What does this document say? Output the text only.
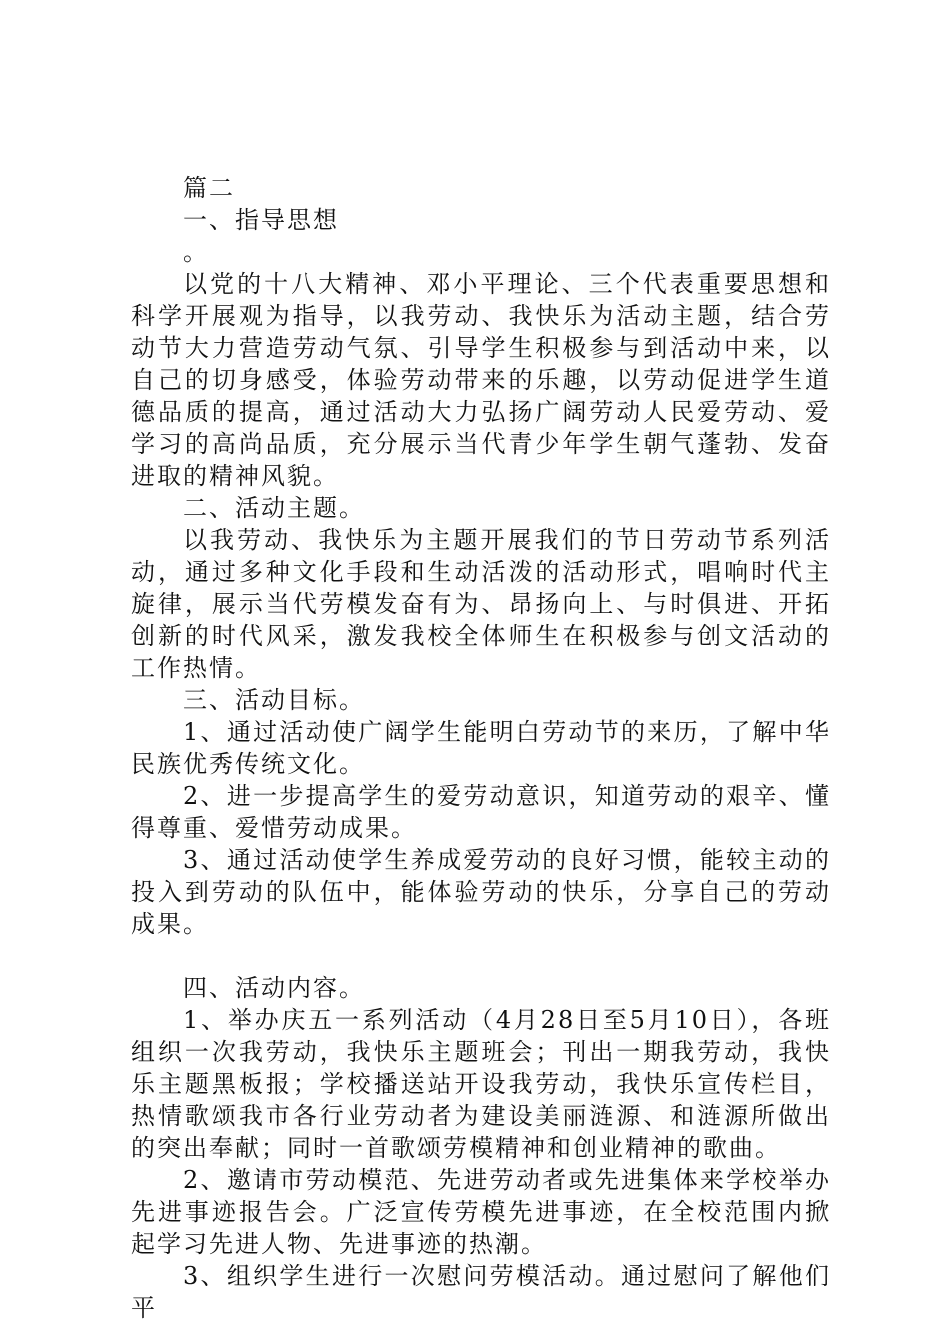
篇二

一、指导思想

。

以党的十八大精神、邓小平理论、三个代表重要思想和科学开展观为指导，以我劳动、我快乐为活动主题，结合劳动节大力营造劳动气氛、引导学生积极参与到活动中来，以自己的切身感受，体验劳动带来的乐趣，以劳动促进学生道德品质的提高，通过活动大力弘扬广阔劳动人民爱劳动、爱学习的高尚品质，充分展示当代青少年学生朝气蓬勃、发奋进取的精神风貌。

二、活动主题。

以我劳动、我快乐为主题开展我们的节日劳动节系列活动，通过多种文化手段和生动活泼的活动形式，唱响时代主旋律，展示当代劳模发奋有为、昂扬向上、与时俱进、开拓创新的时代风采，激发我校全体师生在积极参与创文活动的工作热情。

三、活动目标。

1、通过活动使广阔学生能明白劳动节的来历，了解中华民族优秀传统文化。

2、进一步提高学生的爱劳动意识，知道劳动的艰辛、懂得尊重、爱惜劳动成果。

3、通过活动使学生养成爱劳动的良好习惯，能较主动的投入到劳动的队伍中，能体验劳动的快乐，分享自己的劳动成果。

四、活动内容。

1、举办庆五一系列活动（4月28日至5月10日），各班组织一次我劳动，我快乐主题班会；刊出一期我劳动，我快乐主题黑板报；学校播送站开设我劳动，我快乐宣传栏目，热情歌颂我市各行业劳动者为建设美丽涟源、和涟源所做出的突出奉献；同时一首歌颂劳模精神和创业精神的歌曲。

2、邀请市劳动模范、先进劳动者或先进集体来学校举办先进事迹报告会。广泛宣传劳模先进事迹，在全校范围内掀起学习先进人物、先进事迹的热潮。

3、组织学生进行一次慰问劳模活动。通过慰问了解他们平
